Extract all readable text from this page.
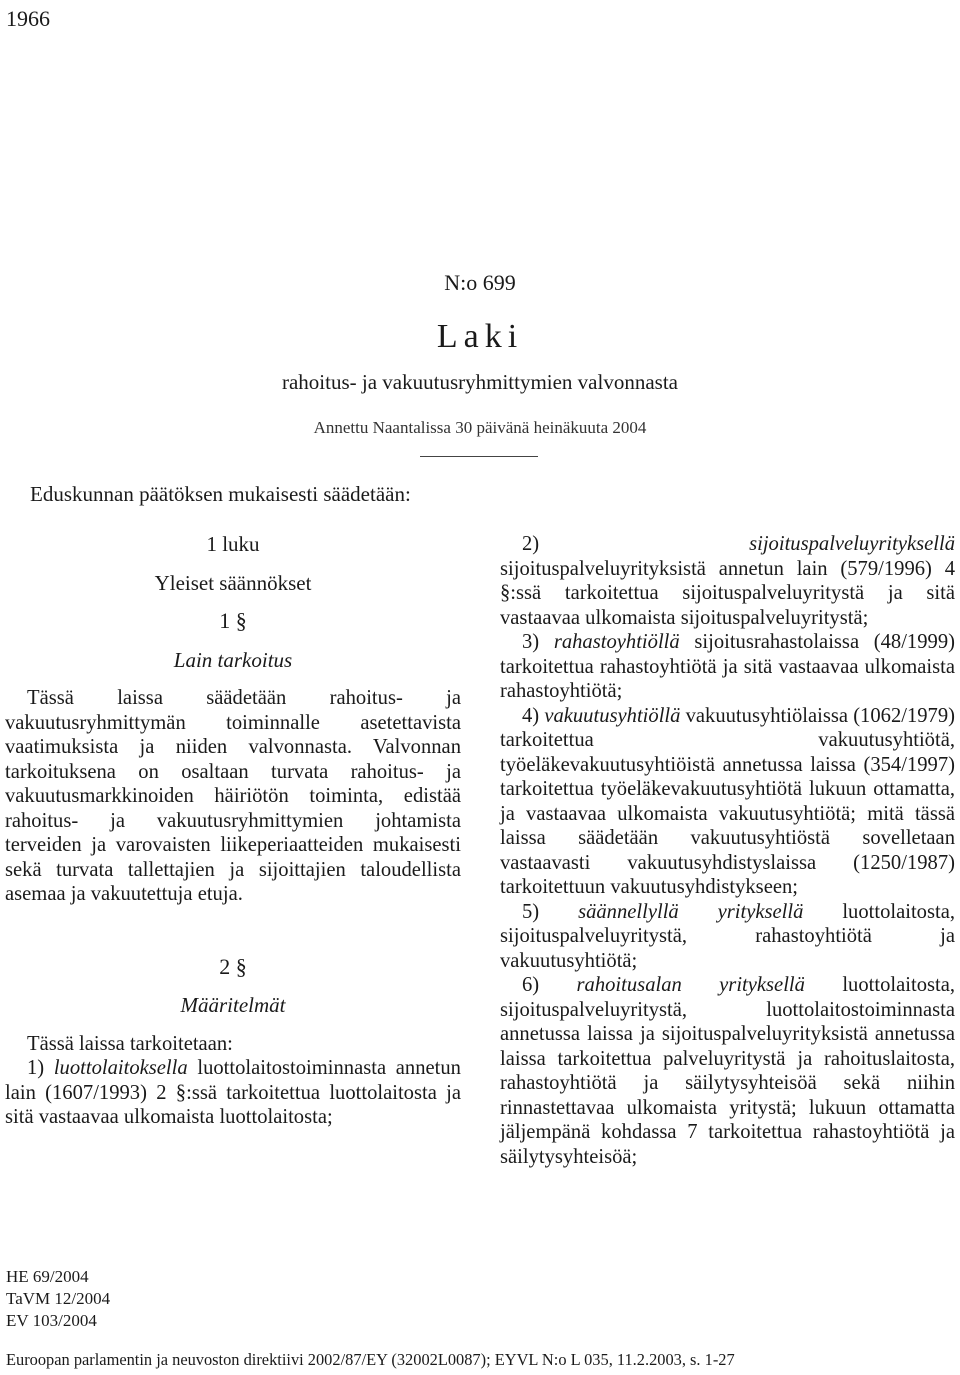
1966
N:o 699
Laki
rahoitus- ja vakuutusryhmittymien valvonnasta
Annettu Naantalissa 30 päivänä heinäkuuta 2004
Eduskunnan päätöksen mukaisesti säädetään:
1 luku
Yleiset säännökset
1 §
Lain tarkoitus
Tässä laissa säädetään rahoitus- ja vakuutusryhmittymän toiminnalle asetettavista vaatimuksista ja niiden valvonnasta. Valvonnan tarkoituksena on osaltaan turvata rahoitus- ja vakuutusmarkkinoiden häiriötön toiminta, edistää rahoitus- ja vakuutusryhmittymien johtamista terveiden ja varovaisten liikeperiaatteiden mukaisesti sekä turvata tallettajien ja sijoittajien taloudellista asemaa ja vakuutettuja etuja.
2 §
Määritelmät
Tässä laissa tarkoitetaan:
1) luottolaitoksella luottolaitostoiminnasta annetun lain (1607/1993) 2 §:ssä tarkoitettua luottolaitosta ja sitä vastaavaa ulkomaista luottolaitosta;
2)	sijoituspalveluyrityksellä sijoituspalveluyrityksistä annetun lain (579/1996) 4 §:ssä tarkoitettua sijoituspalveluyritystä ja sitä vastaavaa ulkomaista sijoituspalveluyritystä;
3) rahastoyhtiöllä sijoitusrahastolaissa (48/1999) tarkoitettua rahastoyhtiötä ja sitä vastaavaa ulkomaista rahastoyhtiötä;
4) vakuutusyhtiöllä vakuutusyhtiölaissa (1062/1979) tarkoitettua vakuutusyhtiötä, työeläkevakuutusyhtiöistä annetussa laissa (354/1997) tarkoitettua työeläkevakuutusyhtiötä lukuun ottamatta, ja vastaavaa ulkomaista vakuutusyhtiötä; mitä tässä laissa säädetään vakuutusyhtiöstä sovelletaan vastaavasti vakuutusyhdistyslaissa (1250/1987) tarkoitettuun vakuutusyhdistykseen;
5) säännellyllä yrityksellä luottolaitosta, sijoituspalveluyritystä, rahastoyhtiötä ja vakuutusyhtiötä;
6) rahoitusalan yrityksellä luottolaitosta, sijoituspalveluyritystä, luottolaitostoiminnasta annetussa laissa ja sijoituspalveluyrityksistä annetussa laissa tarkoitettua palveluyritystä ja rahoituslaitosta, rahastoyhtiötä ja säilytysyhteisöä sekä niihin rinnastettavaa ulkomaista yritystä; lukuun ottamatta jäljempänä kohdassa 7 tarkoitettua rahastoyhtiötä ja säilytysyhteisöä;
HE 69/2004
TaVM 12/2004
EV 103/2004
Euroopan parlamentin ja neuvoston direktiivi 2002/87/EY (32002L0087); EYVL N:o L 035, 11.2.2003, s. 1-27
